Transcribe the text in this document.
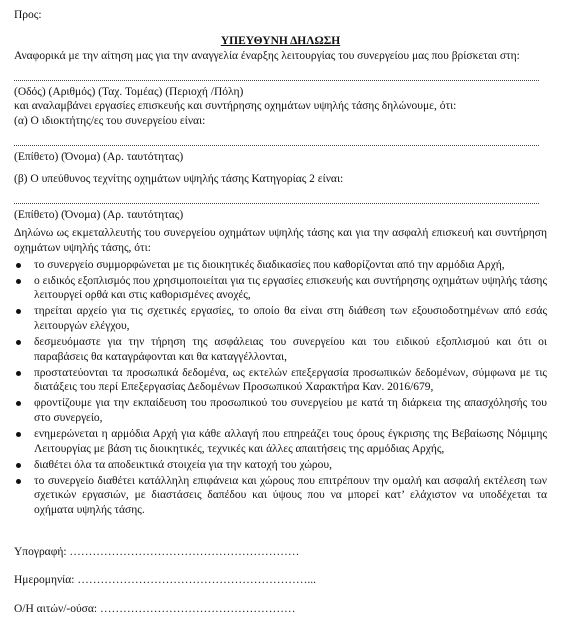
Προς:
ΥΠΕΥΘΥΝΗ ΔΗΛΩΣΗ
Αναφορικά με την αίτηση μας για την αναγγελία έναρξης λειτουργίας του συνεργείου μας που βρίσκεται στη:
(Οδός) (Αριθμός) (Ταχ. Τομέας) (Περιοχή /Πόλη)
και αναλαμβάνει εργασίες επισκευής και συντήρησης οχημάτων υψηλής τάσης δηλώνουμε, ότι:
(α) Ο ιδιοκτήτης/ες του συνεργείου είναι:
(Επίθετο) (Όνομα) (Αρ. ταυτότητας)
(β) Ο υπεύθυνος τεχνίτης οχημάτων υψηλής τάσης Κατηγορίας 2 είναι:
(Επίθετο) (Όνομα) (Αρ. ταυτότητας)
Δηλώνω ως εκμεταλλευτής του συνεργείου οχημάτων υψηλής τάσης και για την ασφαλή επισκευή και συντήρηση οχημάτων υψηλής τάσης, ότι:
το συνεργείο συμμορφώνεται με τις διοικητικές διαδικασίες που καθορίζονται από την αρμόδια Αρχή,
ο ειδικός εξοπλισμός που χρησιμοποιείται για τις εργασίες επισκευής και συντήρησης οχημάτων υψηλής τάσης λειτουργεί ορθά και στις καθορισμένες ανοχές,
τηρείται αρχείο για τις σχετικές εργασίες, το οποίο θα είναι στη διάθεση των εξουσιοδοτημένων από εσάς λειτουργών ελέγχου,
δεσμευόμαστε για την τήρηση της ασφάλειας του συνεργείου και του ειδικού εξοπλισμού και ότι οι παραβάσεις θα καταγράφονται και θα καταγγέλλονται,
προστατεύονται τα προσωπικά δεδομένα, ως εκτελών επεξεργασία προσωπικών δεδομένων, σύμφωνα με τις διατάξεις του περί Επεξεργασίας Δεδομένων Προσωπικού Χαρακτήρα Καν. 2016/679,
φροντίζουμε για την εκπαίδευση του προσωπικού του συνεργείου με κατά τη διάρκεια της απασχόλησής του στο συνεργείο,
ενημερώνεται η αρμόδια Αρχή για κάθε αλλαγή που επηρεάζει τους όρους έγκρισης της Βεβαίωσης Νόμιμης Λειτουργίας με βάση τις διοικητικές, τεχνικές και άλλες απαιτήσεις της αρμόδιας Αρχής,
διαθέτει όλα τα αποδεικτικά στοιχεία για την κατοχή του χώρου,
το συνεργείο διαθέτει κατάλληλη επιφάνεια και χώρους που επιτρέπουν την ομαλή και ασφαλή εκτέλεση των σχετικών εργασιών, με διαστάσεις δαπέδου και ύψους που να μπορεί κατ’ ελάχιστον να υποδέχεται τα οχήματα υψηλής τάσης.
Υπογραφή: ……………………………………………………
Ημερομηνία: ……………………………………………………...
Ο/Η αιτών/-ούσα: ……………………………………………
